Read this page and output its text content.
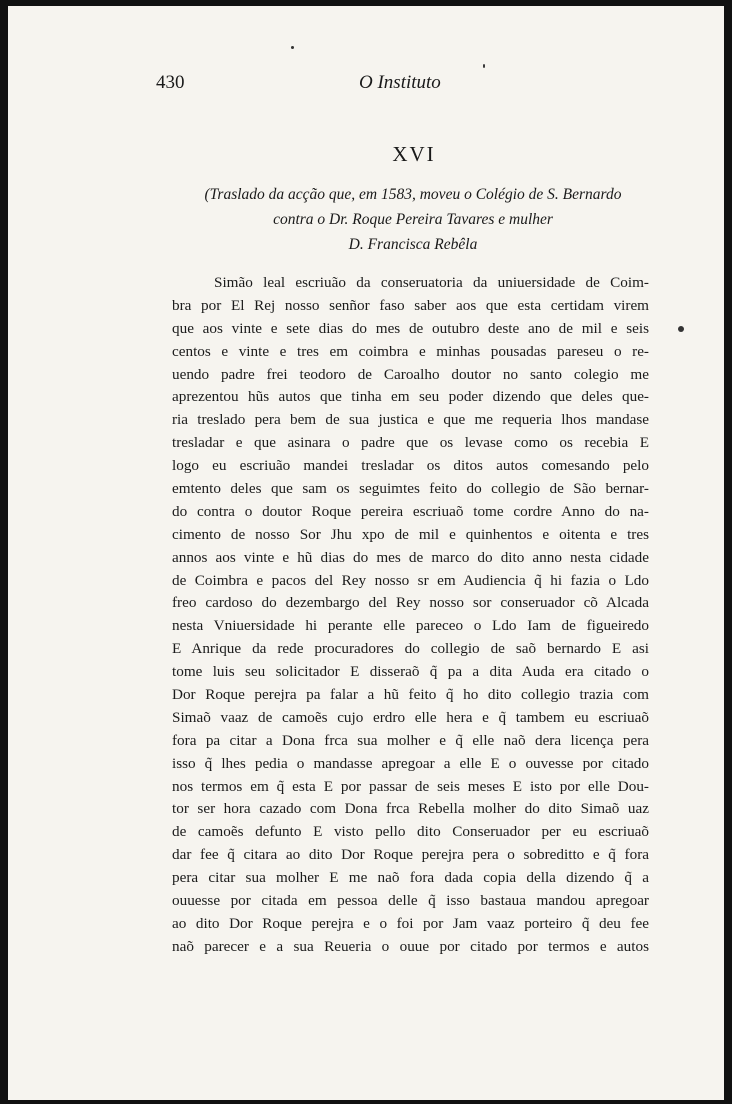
430	O Instituto
XVI
(Traslado da acção que, em 1583, moveu o Colégio de S. Bernardo
contra o Dr. Roque Pereira Tavares e mulher
D. Francisca Rebêla
Simão leal escriuão da conseruatoria da uniuersidade de Coim-
bra por El Rej nosso senñor faso saber aos que esta certidam virem
que aos vinte e sete dias do mes de outubro deste ano de mil e seis
centos e vinte e tres em coimbra e minhas pousadas pareseu o re-
uendo padre frei teodoro de Caroalho doutor no santo colegio me
aprezentou hũs autos que tinha em seu poder dizendo que deles que-
ria treslado pera bem de sua justica e que me requeria lhos mandase
tresladar e que asinara o padre que os levase como os recebia E
logo eu escriuão mandei tresladar os ditos autos comesando pelo
emtento deles que sam os seguimtes feito do collegio de São bernar-
do contra o doutor Roque pereira escriuaõ tome cordre Anno do na-
cimento de nosso Sor Jhu xpo de mil e quinhentos e oitenta e tres
annos aos vinte e hũ dias do mes de marco do dito anno nesta cidade
de Coimbra e pacos del Rey nosso sr em Audiencia q̃ hi fazia o Ldo
freo cardoso do dezembargo del Rey nosso sor conseruador cõ Alcada
nesta Vniuersidade hi perante elle pareceo o Ldo Iam de figueiredo
E Anrique da rede procuradores do collegio de saõ bernardo E asi
tome luis seu solicitador E disseraõ q̃ pa a dita Auda era citado o
Dor Roque perejra pa falar a hũ feito q̃ ho dito collegio trazia com
Simaõ vaaz de camoẽs cujo erdro elle hera e q̃ tambem eu escriuaõ
fora pa citar a Dona frca sua molher e q̃ elle naõ dera licença pera
isso q̃ lhes pedia o mandasse apregoar a elle E o ouvesse por citado
nos termos em q̃ esta E por passar de seis meses E isto por elle Dou-
tor ser hora cazado com Dona frca Rebella molher do dito Simaõ uaz
de camoẽs defunto E visto pello dito Conseruador per eu escriuaõ
dar fee q̃ citara ao dito Dor Roque perejra pera o sobreditto e q̃ fora
pera citar sua molher E me naõ fora dada copia della dizendo q̃ a
ouuesse por citada em pessoa delle q̃ isso bastaua mandou apregoar
ao dito Dor Roque perejra e o foi por Jam vaaz porteiro q̃ deu fee
naõ parecer e a sua Reueria o ouue por citado por termos e autos
